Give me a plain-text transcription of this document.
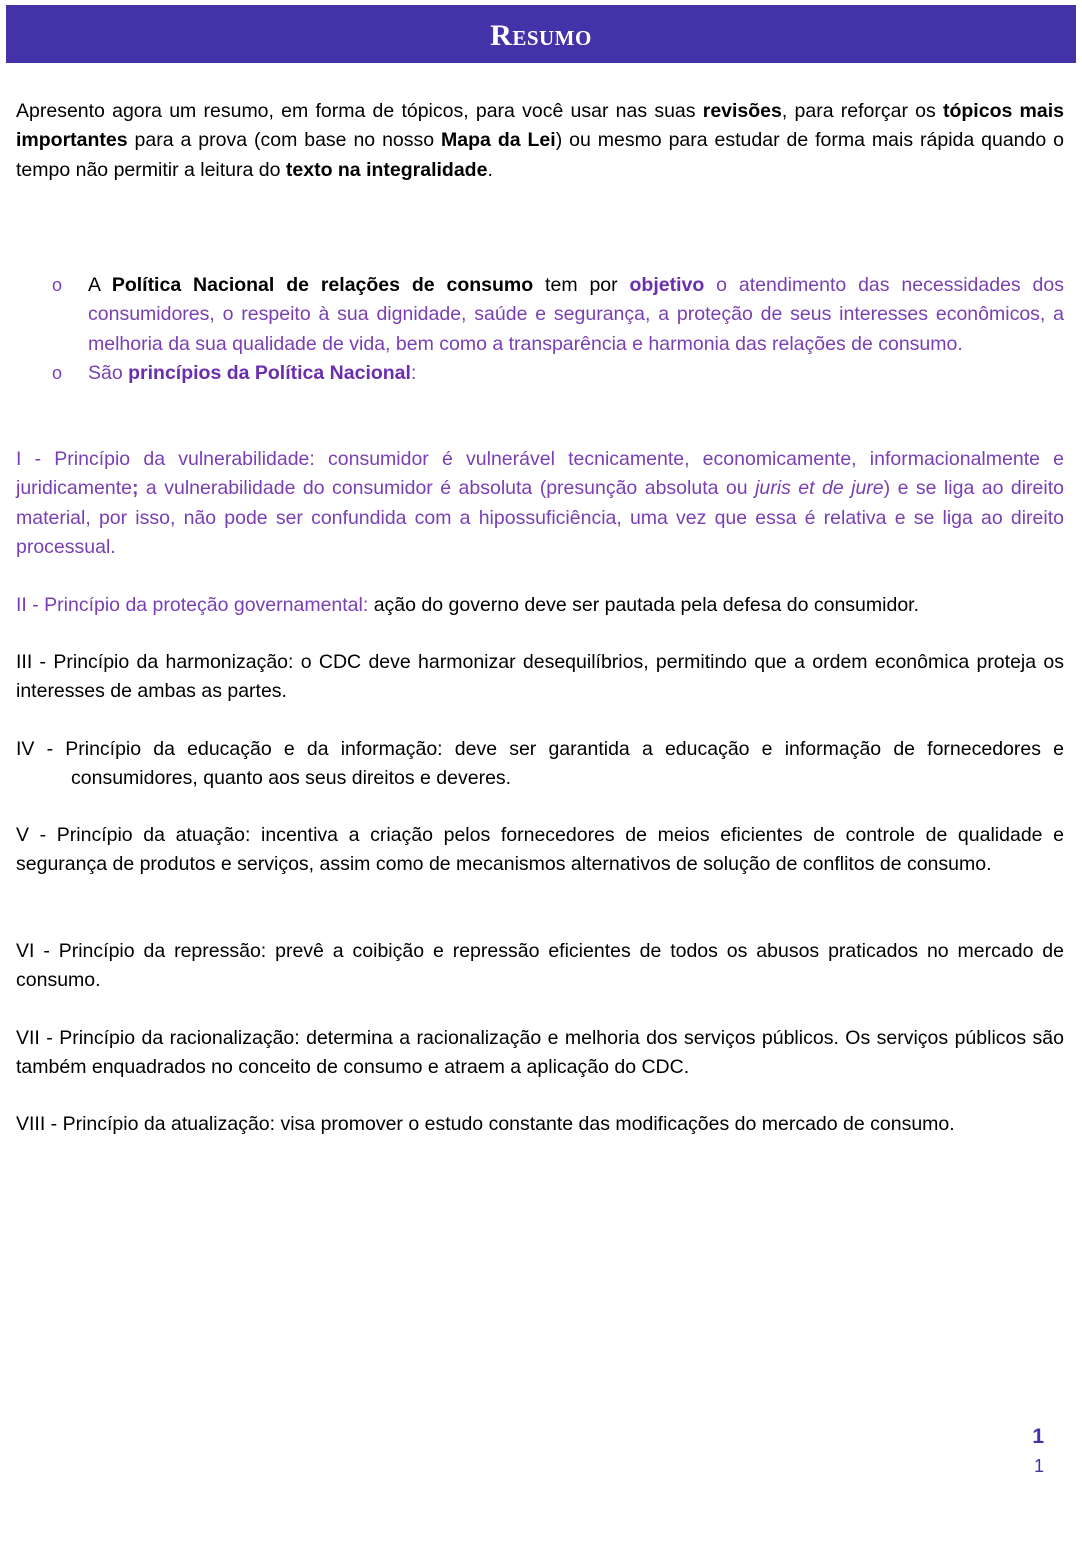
Resumo

Apresento agora um resumo, em forma de tópicos, para você usar nas suas revisões, para reforçar os tópicos mais importantes para a prova (com base no nosso Mapa da Lei) ou mesmo para estudar de forma mais rápida quando o tempo não permitir a leitura do texto na integralidade.

o A Política Nacional de relações de consumo tem por objetivo o atendimento das necessidades dos consumidores, o respeito à sua dignidade, saúde e segurança, a proteção de seus interesses econômicos, a melhoria da sua qualidade de vida, bem como a transparência e harmonia das relações de consumo.
o São princípios da Política Nacional:

I - Princípio da vulnerabilidade: consumidor é vulnerável tecnicamente, economicamente, informacionalmente e juridicamente; a vulnerabilidade do consumidor é absoluta (presunção absoluta ou juris et de jure) e se liga ao direito material, por isso, não pode ser confundida com a hipossuficiência, uma vez que essa é relativa e se liga ao direito processual.

II - Princípio da proteção governamental: ação do governo deve ser pautada pela defesa do consumidor.

III - Princípio da harmonização: o CDC deve harmonizar desequilíbrios, permitindo que a ordem econômica proteja os interesses de ambas as partes.

IV - Princípio da educação e da informação: deve ser garantida a educação e informação de fornecedores e consumidores, quanto aos seus direitos e deveres.

V - Princípio da atuação: incentiva a criação pelos fornecedores de meios eficientes de controle de qualidade e segurança de produtos e serviços, assim como de mecanismos alternativos de solução de conflitos de consumo.

VI - Princípio da repressão: prevê a coibição e repressão eficientes de todos os abusos praticados no mercado de consumo.

VII - Princípio da racionalização: determina a racionalização e melhoria dos serviços públicos. Os serviços públicos são também enquadrados no conceito de consumo e atraem a aplicação do CDC.

VIII - Princípio da atualização: visa promover o estudo constante das modificações do mercado de consumo.

1
1
